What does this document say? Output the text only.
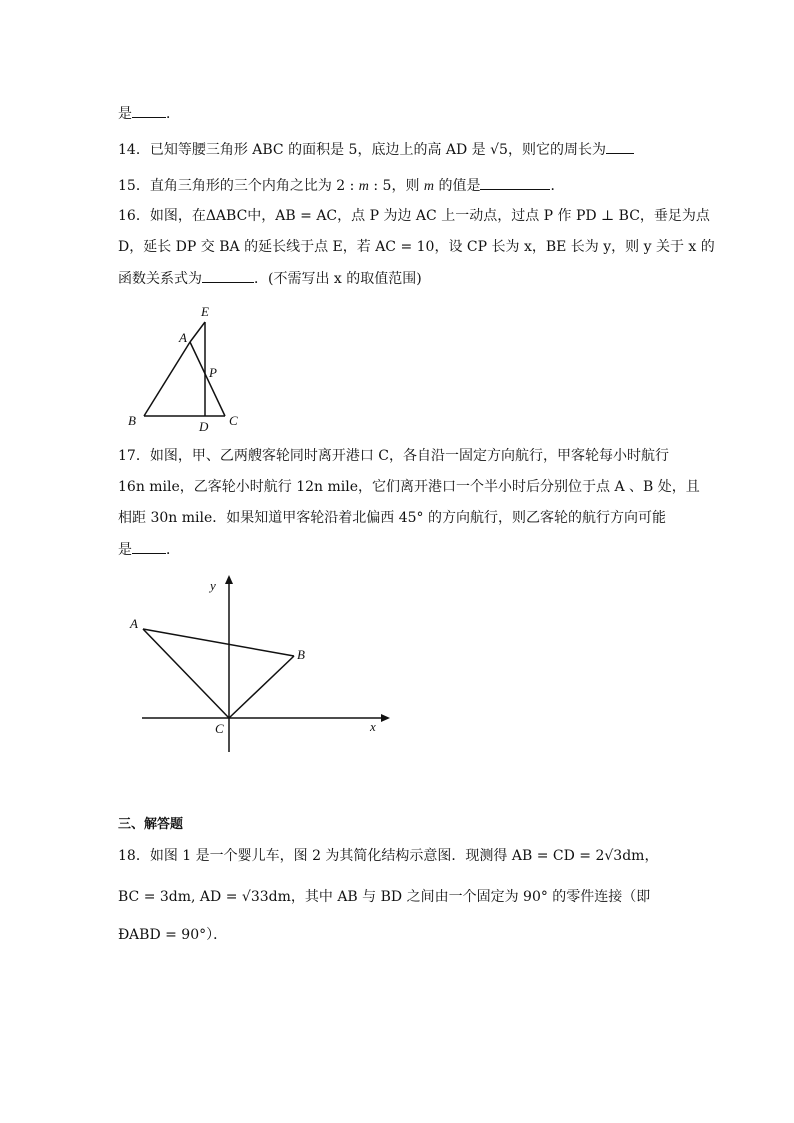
是 ．
14．已知等腰三角形 ABC 的面积是 5，底边上的高 AD 是 √5，则它的周长为
15．直角三角形的三个内角之比为 2 : m : 5，则 m 的值是	．
16．如图，在ΔABC中，AB = AC，点 P 为边 AC 上一动点，过点 P 作 PD ⊥ BC，垂足为点
D，延长 DP 交 BA 的延长线于点 E，若 AC = 10，设 CP 长为 x，BE 长为 y，则 y 关于 x 的
函数关系式为	．(不需写出 x 的取值范围)
E
A
P
B	D C
17．如图，甲、乙两艘客轮同时离开港口 C，各自沿一固定方向航行，甲客轮每小时航行
16n mile，乙客轮小时航行 12n mile，它们离开港口一个半小时后分别位于点 A 、B 处，且
相距 30n mile．如果知道甲客轮沿着北偏西 45° 的方向航行，则乙客轮的航行方向可能
是 ．
y
A
B
C	x
三、解答题
18．如图 1 是一个婴儿车，图 2 为其简化结构示意图．现测得 AB = CD = 2√3dm，
BC = 3dm, AD = √33dm，其中 AB 与 BD 之间由一个固定为 90° 的零件连接（即
ÐABD = 90°）．
